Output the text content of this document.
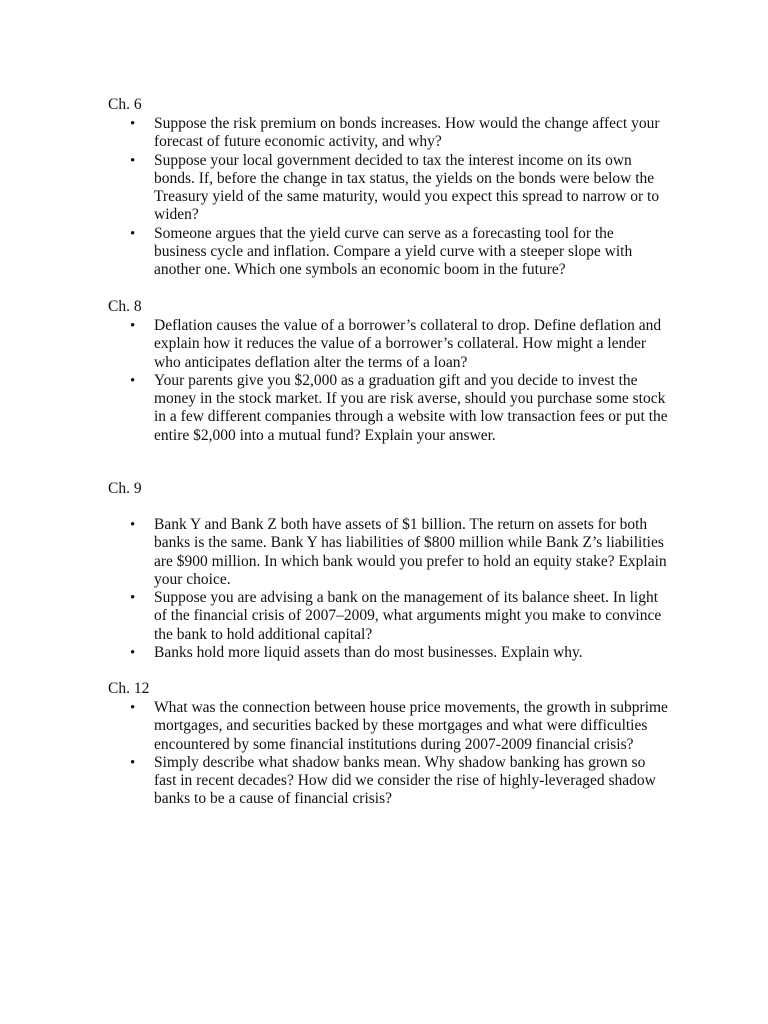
Ch. 6

• Suppose the risk premium on bonds increases. How would the change affect your forecast of future economic activity, and why?
• Suppose your local government decided to tax the interest income on its own bonds. If, before the change in tax status, the yields on the bonds were below the Treasury yield of the same maturity, would you expect this spread to narrow or to widen?
• Someone argues that the yield curve can serve as a forecasting tool for the business cycle and inflation. Compare a yield curve with a steeper slope with another one. Which one symbols an economic boom in the future?

Ch. 8

• Deflation causes the value of a borrower’s collateral to drop. Define deflation and explain how it reduces the value of a borrower’s collateral. How might a lender who anticipates deflation alter the terms of a loan?
• Your parents give you $2,000 as a graduation gift and you decide to invest the money in the stock market. If you are risk averse, should you purchase some stock in a few different companies through a website with low transaction fees or put the entire $2,000 into a mutual fund? Explain your answer.

Ch. 9

• Bank Y and Bank Z both have assets of $1 billion. The return on assets for both banks is the same. Bank Y has liabilities of $800 million while Bank Z’s liabilities are $900 million. In which bank would you prefer to hold an equity stake? Explain your choice.
• Suppose you are advising a bank on the management of its balance sheet. In light of the financial crisis of 2007–2009, what arguments might you make to convince the bank to hold additional capital?
• Banks hold more liquid assets than do most businesses. Explain why.

Ch. 12

• What was the connection between house price movements, the growth in subprime mortgages, and securities backed by these mortgages and what were difficulties encountered by some financial institutions during 2007-2009 financial crisis?
• Simply describe what shadow banks mean. Why shadow banking has grown so fast in recent decades? How did we consider the rise of highly-leveraged shadow banks to be a cause of financial crisis?
